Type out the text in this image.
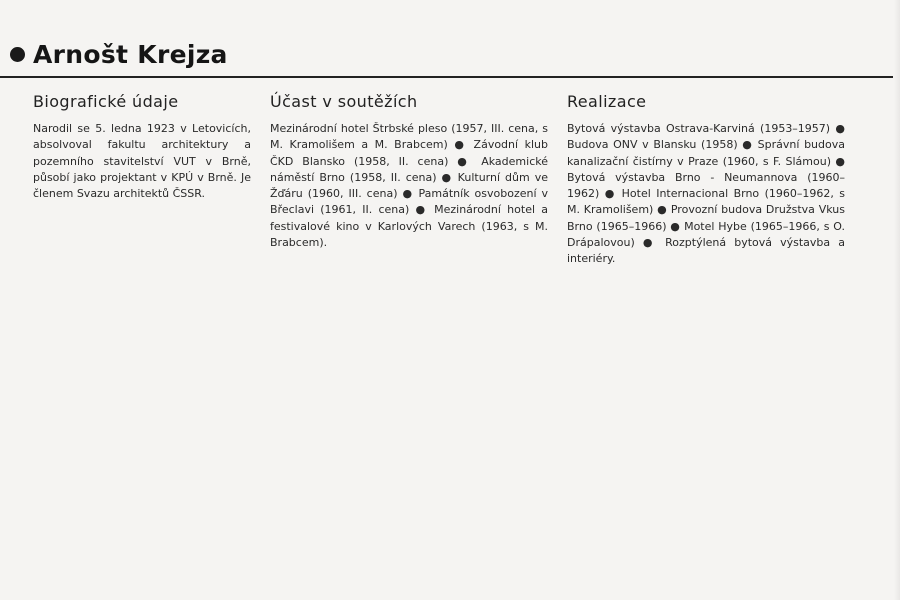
Arnošt Krejza
Biografické údaje

Narodil se 5. ledna 1923 v Letovicích, absolvoval fakultu architektury a pozemního stavitelství VUT v Brně, působí jako projektant v KPÚ v Brně. Je členem Svazu architektů ČSSR.

Účast v soutěžích

Mezinárodní hotel Štrbské pleso (1957, III. cena, s M. Kramolišem a M. Brabcem) ● Závodní klub ČKD Blansko (1958, II. cena) ● Akademické náměstí Brno (1958, II. cena) ● Kulturní dům ve Žďáru (1960, III. cena) ● Památník osvobození v Břeclavi (1961, II. cena) ● Mezinárodní hotel a festivalové kino v Karlových Varech (1963, s M. Brabcem).

Realizace

Bytová výstavba Ostrava-Karviná (1953–1957) ● Budova ONV v Blansku (1958) ● Správní budova kanalizační čistírny v Praze (1960, s F. Slámou) ● Bytová výstavba Brno - Neumannova (1960–1962) ● Hotel Internacional Brno (1960–1962, s M. Kramolišem) ● Provozní budova Družstva Vkus Brno (1965–1966) ● Motel Hybe (1965–1966, s O. Drápalovou) ● Rozptýlená bytová výstavba a interiéry.
